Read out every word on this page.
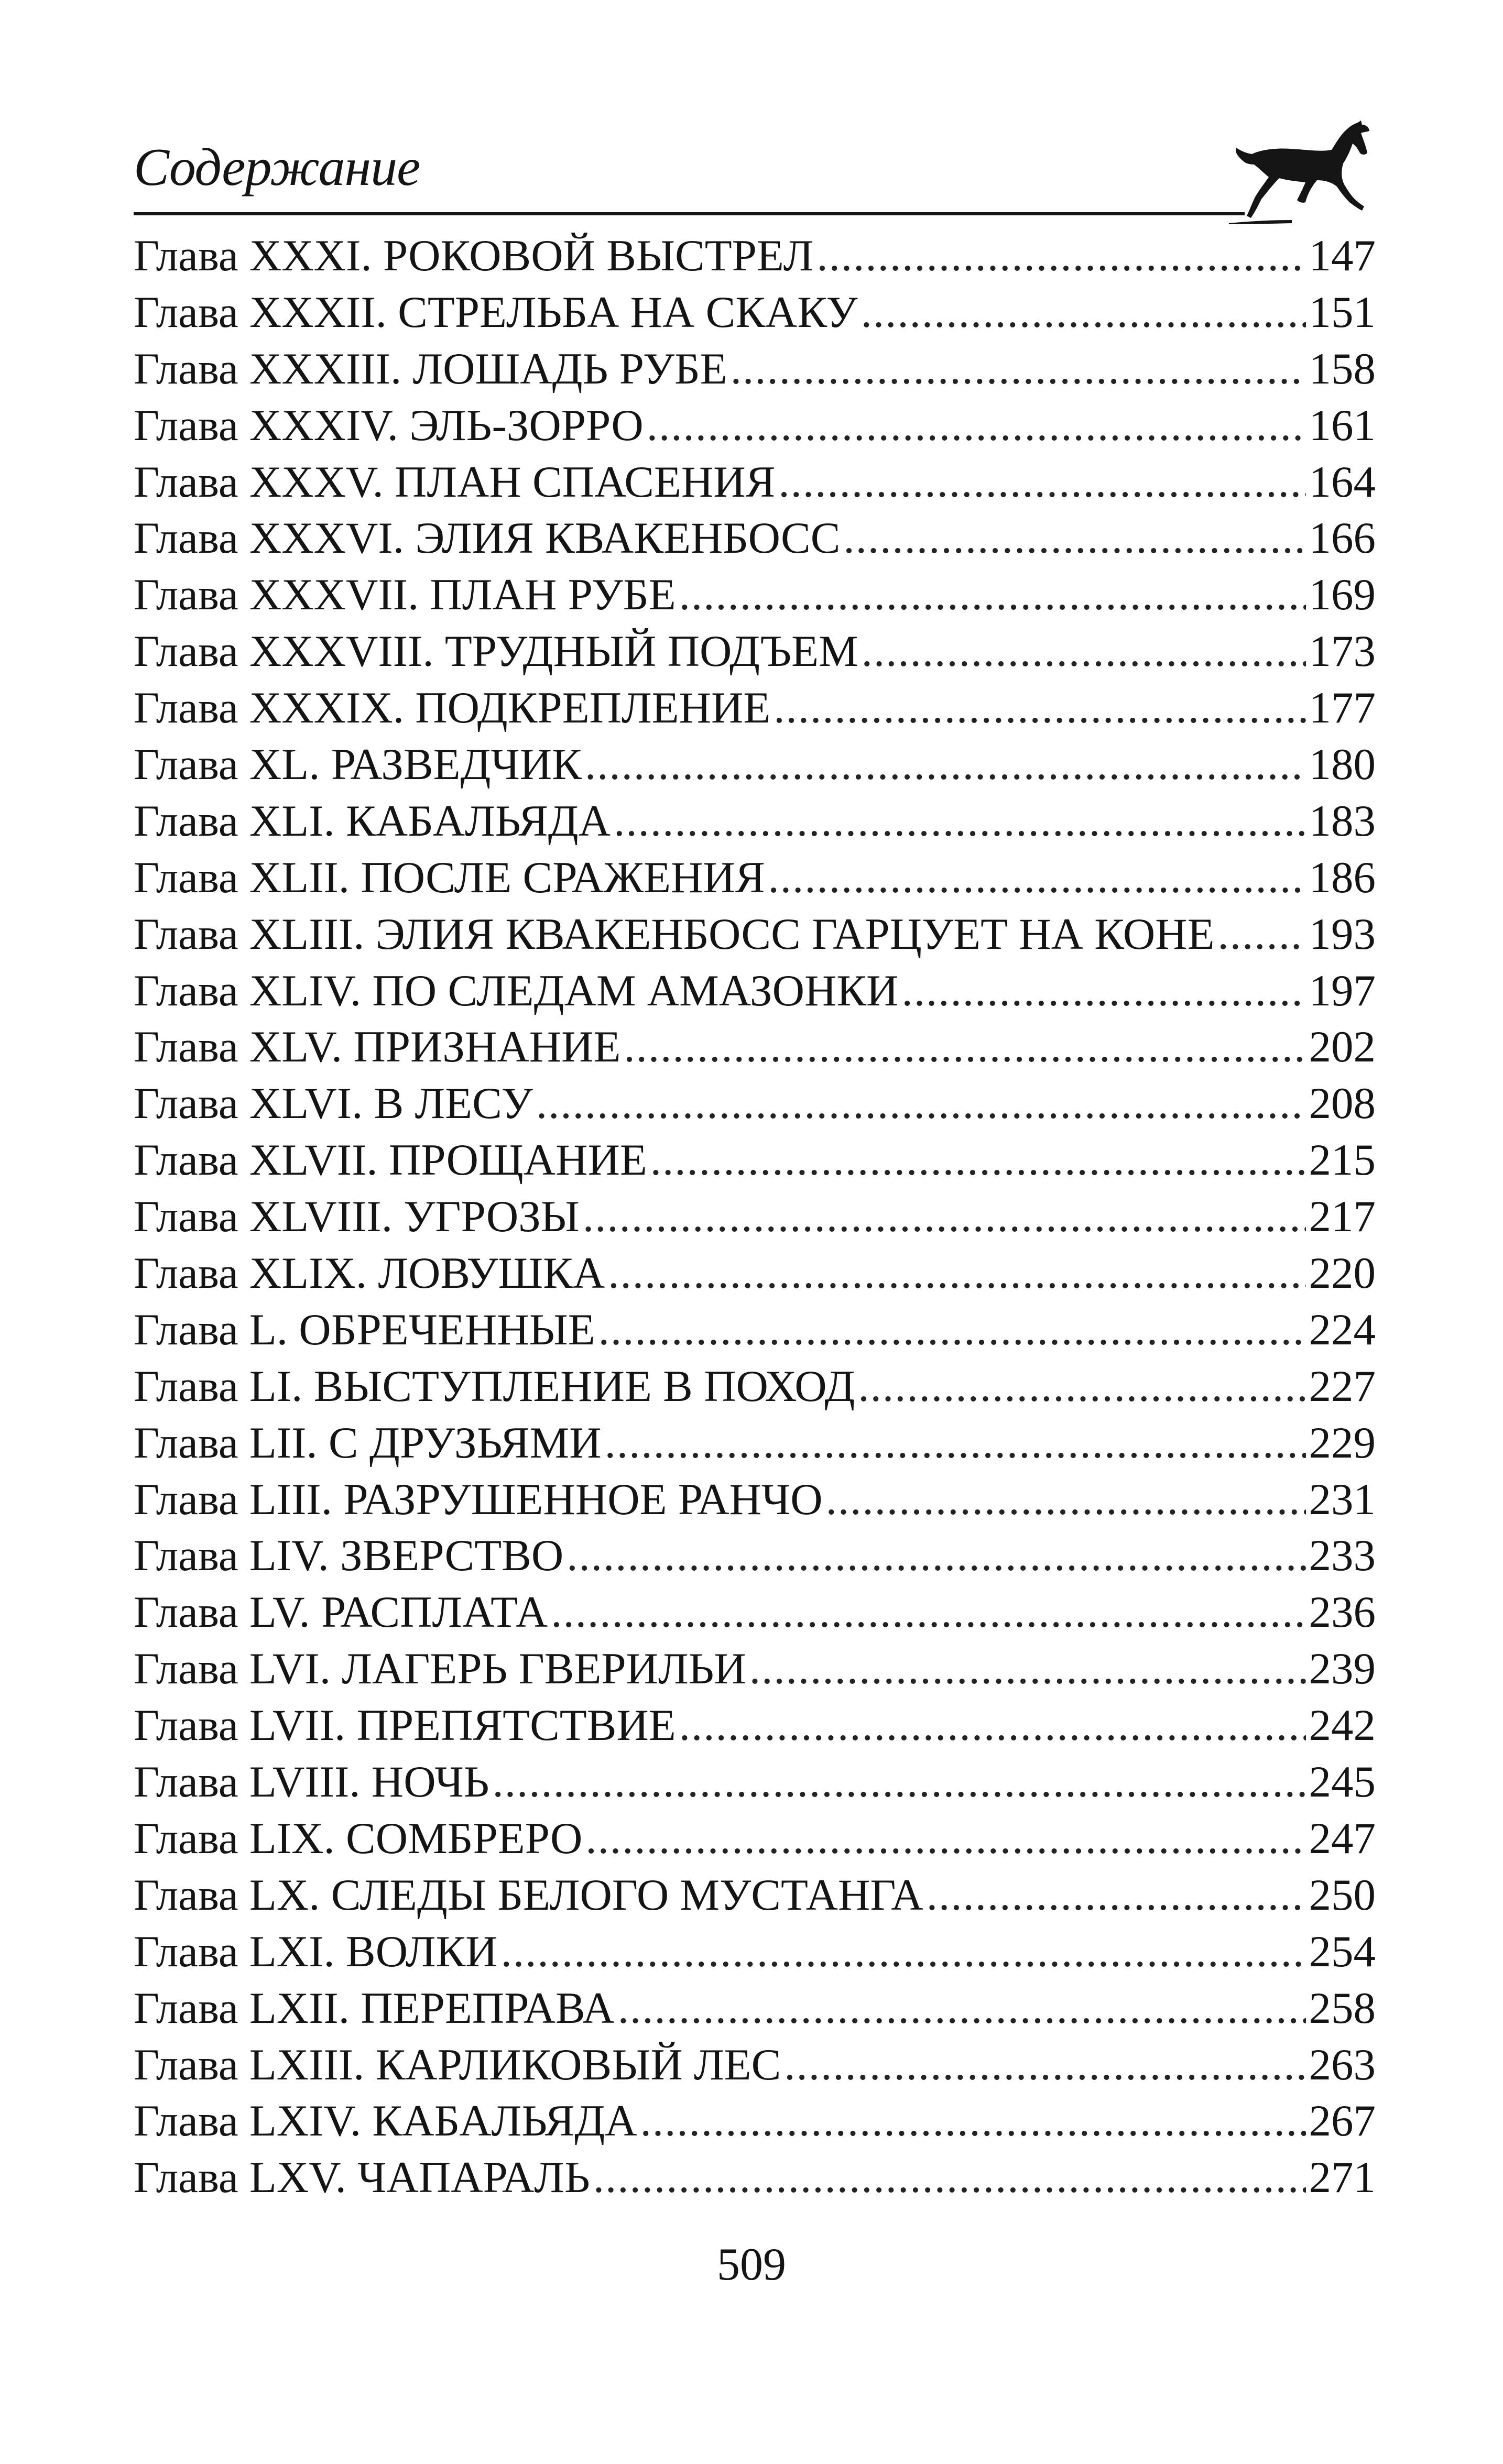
Содержание
Глава XXXI. РОКОВОЙ ВЫСТРЕЛ .....	147
Глава XXXII. СТРЕЛЬБА НА СКАКУ .....	151
Глава XXXIII. ЛОШАДЬ РУБЕ .....	158
Глава XXXIV. ЭЛЬ-ЗОРРО .....	161
Глава XXXV. ПЛАН СПАСЕНИЯ .....	164
Глава XXXVI. ЭЛИЯ КВАКЕНБОСС .....	166
Глава XXXVII. ПЛАН РУБЕ .....	169
Глава XXXVIII. ТРУДНЫЙ ПОДЪЕМ .....	173
Глава XXXIX. ПОДКРЕПЛЕНИЕ .....	177
Глава XL. РАЗВЕДЧИК .....	180
Глава XLI. КАБАЛЬЯДА .....	183
Глава XLII. ПОСЛЕ СРАЖЕНИЯ .....	186
Глава XLIII. ЭЛИЯ КВАКЕНБОСС ГАРЦУЕТ НА КОНЕ ..... 193
Глава XLIV. ПО СЛЕДАМ АМАЗОНКИ .....	197
Глава XLV. ПРИЗНАНИЕ .....	202
Глава XLVI. В ЛЕСУ .....	208
Глава XLVII. ПРОЩАНИЕ .....	215
Глава XLVIII. УГРОЗЫ .....	217
Глава XLIX. ЛОВУШКА .....	220
Глава L. ОБРЕЧЕННЫЕ .....	224
Глава LI. ВЫСТУПЛЕНИЕ В ПОХОД .....	227
Глава LII. С ДРУЗЬЯМИ .....	229
Глава LIII. РАЗРУШЕННОЕ РАНЧО .....	231
Глава LIV. ЗВЕРСТВО .....	233
Глава LV. РАСПЛАТА .....	236
Глава LVI. ЛАГЕРЬ ГВЕРИЛЬИ .....	239
Глава LVII. ПРЕПЯТСТВИЕ .....	242
Глава LVIII. НОЧЬ .....	245
Глава LIX. СОМБРЕРО .....	247
Глава LX. СЛЕДЫ БЕЛОГО МУСТАНГА .....	250
Глава LXI. ВОЛКИ .....	254
Глава LXII. ПЕРЕПРАВА .....	258
Глава LXIII. КАРЛИКОВЫЙ ЛЕС .....	263
Глава LXIV. КАБАЛЬЯДА .....	267
Глава LXV. ЧАПАРАЛЬ .....	271
509
